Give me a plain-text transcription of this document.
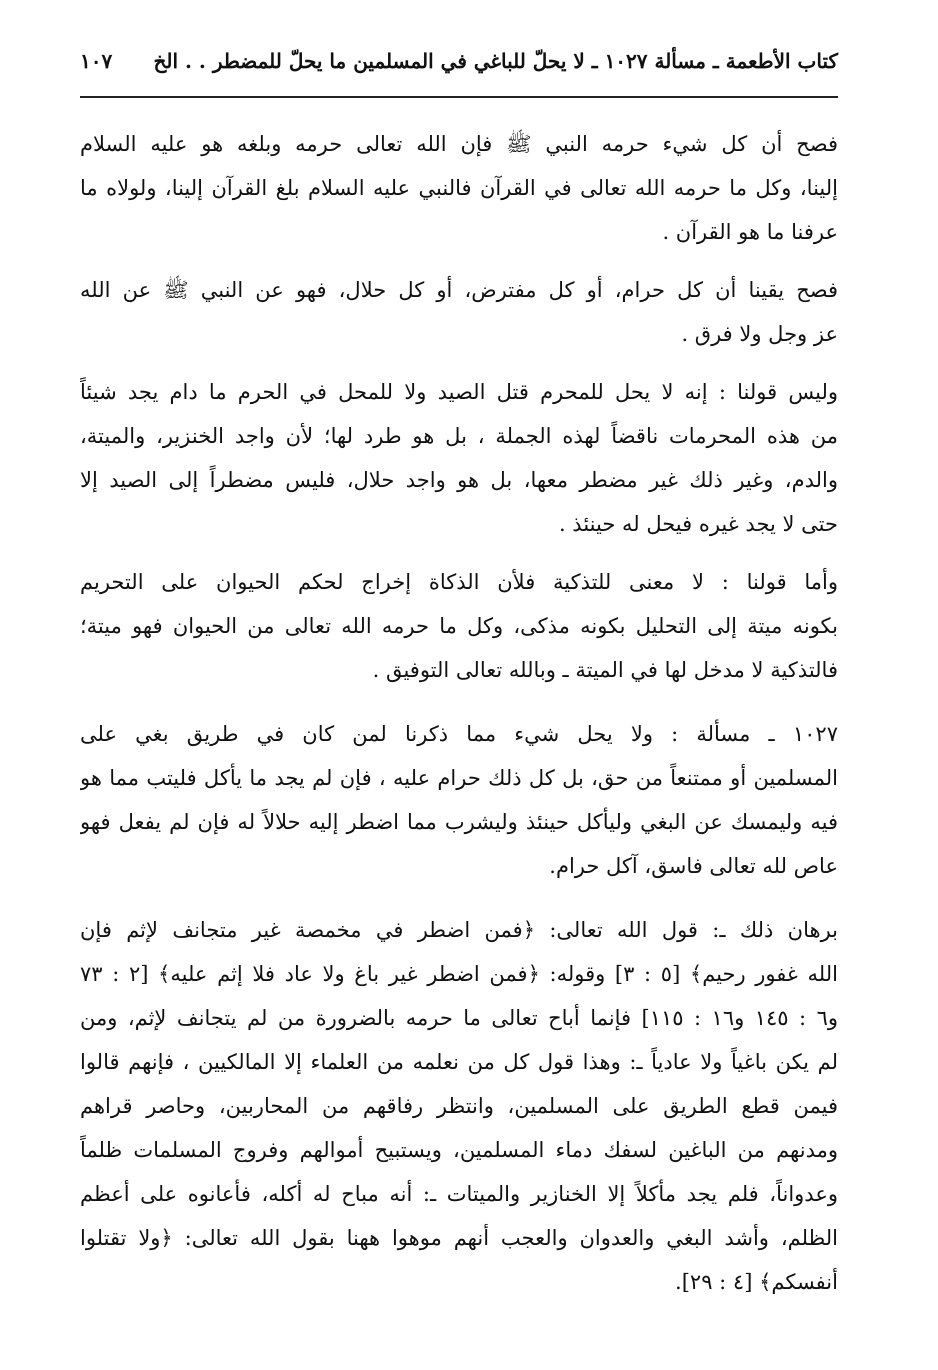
كتاب الأطعمة ـ مسألة ١٠٢٧ ـ لا يحلّ للباغي في المسلمين ما يحلّ للمضطر . . الخ
١٠٧
فصح أن كل شيء حرمه النبي ﷺ فإن الله تعالى حرمه وبلغه هو عليه السلام
إلينا، وكل ما حرمه الله تعالى في القرآن فالنبي عليه السلام بلغ القرآن إلينا، ولولاه ما
عرفنا ما هو القرآن .
فصح يقينا أن كل حرام، أو كل مفترض، أو كل حلال، فهو عن النبي ﷺ عن الله
عز وجل ولا فرق .
وليس قولنا : إنه لا يحل للمحرم قتل الصيد ولا للمحل في الحرم ما دام يجد شيئاً
من هذه المحرمات ناقضاً لهذه الجملة ، بل هو طرد لها؛ لأن واجد الخنزير، والميتة،
والدم، وغير ذلك غير مضطر معها، بل هو واجد حلال، فليس مضطراً إلى الصيد إلا
حتى لا يجد غيره فيحل له حينئذ .
وأما قولنا : لا معنى للتذكية فلأن الذكاة إخراج لحكم الحيوان على التحريم
بكونه ميتة إلى التحليل بكونه مذكى، وكل ما حرمه الله تعالى من الحيوان فهو ميتة؛
فالتذكية لا مدخل لها في الميتة ـ وبالله تعالى التوفيق .
١٠٢٧ ـ مسألة : ولا يحل شيء مما ذكرنا لمن كان في طريق بغي على
المسلمين أو ممتنعاً من حق، بل كل ذلك حرام عليه ، فإن لم يجد ما يأكل فليتب مما هو
فيه وليمسك عن البغي وليأكل حينئذ وليشرب مما اضطر إليه حلالاً له فإن لم يفعل فهو
عاص لله تعالى فاسق، آكل حرام.
برهان ذلك ـ: قول الله تعالى: ﴿فمن اضطر في مخمصة غير متجانف لإثم فإن
الله غفور رحيم﴾ [٥ : ٣] وقوله: ﴿فمن اضطر غير باغ ولا عاد فلا إثم عليه﴾ [٢ : ٧٣
و٦ : ١٤٥ و١٦ : ١١٥] فإنما أباح تعالى ما حرمه بالضرورة من لم يتجانف لإثم، ومن
لم يكن باغياً ولا عادياً ـ: وهذا قول كل من نعلمه من العلماء إلا المالكيين ، فإنهم قالوا
فيمن قطع الطريق على المسلمين، وانتظر رفاقهم من المحاربين، وحاصر قراهم
ومدنهم من الباغين لسفك دماء المسلمين، ويستبيح أموالهم وفروج المسلمات ظلماً
وعدواناً، فلم يجد مأكلاً إلا الخنازير والميتات ـ: أنه مباح له أكله، فأعانوه على أعظم
الظلم، وأشد البغي والعدوان والعجب أنهم موهوا ههنا بقول الله تعالى: ﴿ولا تقتلوا
أنفسكم﴾ [٤ : ٢٩].
